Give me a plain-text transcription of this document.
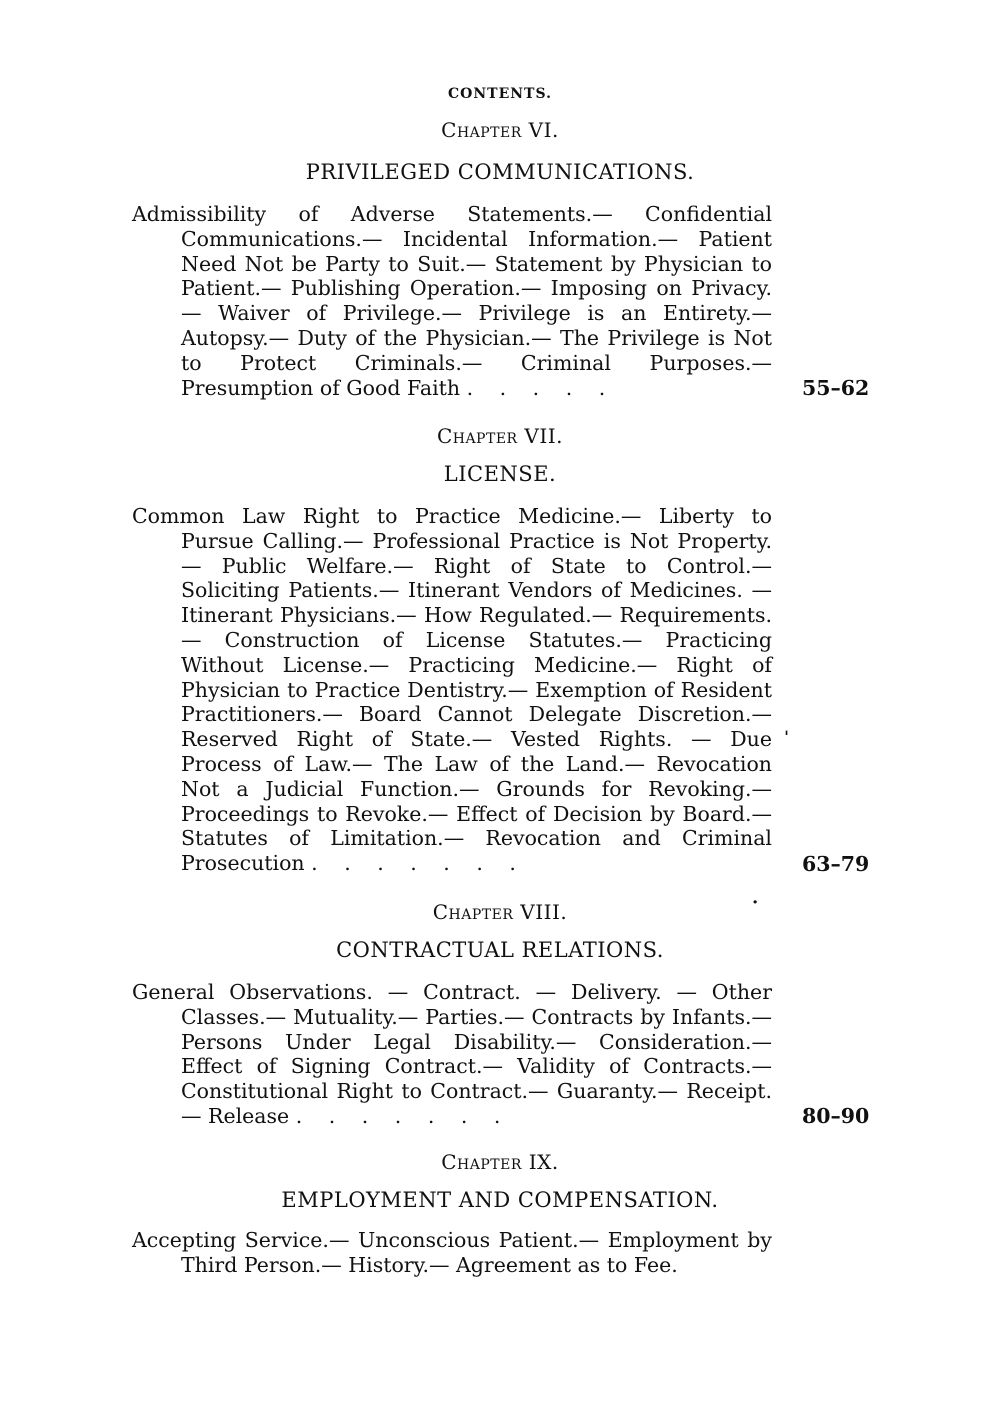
CONTENTS.
Chapter VI.
PRIVILEGED COMMUNICATIONS.
Admissibility of Adverse Statements.— Confidential Communications.— Incidental Information.— Patient Need Not be Party to Suit.— Statement by Physician to Patient.— Publishing Operation.— Imposing on Privacy.— Waiver of Privilege.— Privilege is an Entirety.— Autopsy.— Duty of the Physician.— The Privilege is Not to Protect Criminals.— Criminal Purposes.— Presumption of Good Faith . . . . .	55–62
Chapter VII.
LICENSE.
Common Law Right to Practice Medicine.— Liberty to Pursue Calling.— Professional Practice is Not Property.— Public Welfare.— Right of State to Control.— Soliciting Patients.— Itinerant Vendors of Medicines. — Itinerant Physicians.— How Regulated.— Requirements.— Construction of License Statutes.— Practicing Without License.— Practicing Medicine.— Right of Physician to Practice Dentistry.— Exemption of Resident Practitioners.— Board Cannot Delegate Discretion.— Reserved Right of State.— Vested Rights. — Due Process of Law.— The Law of the Land.— Revocation Not a Judicial Function.— Grounds for Revoking.— Proceedings to Revoke.— Effect of Decision by Board.— Statutes of Limitation.— Revocation and Criminal Prosecution . . . . . . .	63–79
ˈ
Chapter VIII.	·
CONTRACTUAL RELATIONS.
General Observations. — Contract. — Delivery. — Other Classes.— Mutuality.— Parties.— Contracts by Infants.— Persons Under Legal Disability.— Consideration.— Effect of Signing Contract.— Validity of Contracts.— Constitutional Right to Contract.— Guaranty.— Receipt.— Release . . . . . . .	80–90
Chapter IX.
EMPLOYMENT AND COMPENSATION.
Accepting Service.— Unconscious Patient.— Employment by Third Person.— History.— Agreement as to Fee.
